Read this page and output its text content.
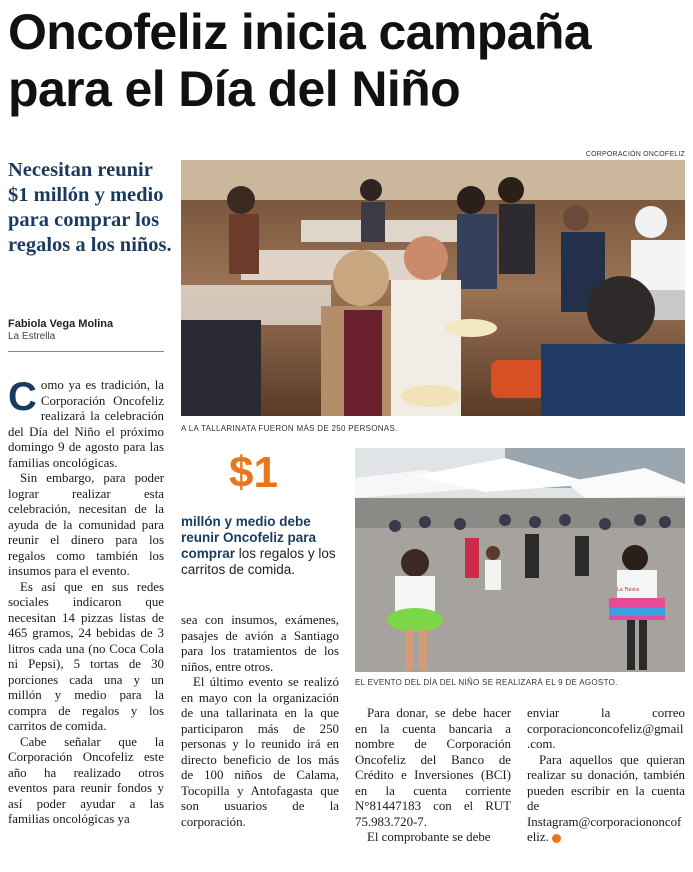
Oncofeliz inicia campaña para el Día del Niño
Necesitan reunir $1 millón y medio para comprar los regalos a los niños.
Fabiola Vega Molina
La Estrella
CORPORACIÓN ONCOFELIZ
A LA TALLARINATA FUERON MÁS DE 250 PERSONAS.
$1
millón y medio debe reunir Oncofeliz para comprar los regalos y los carritos de comida.
La Fiesta
EL EVENTO DEL DÍA DEL NIÑO SE REALIZARÁ EL 9 DE AGOSTO.

Como ya es tradición, la Corporación Oncofeliz realizará la celebración del Día del Niño el próximo domingo 9 de agosto para las familias oncológicas.

Sin embargo, para poder lograr realizar esta celebración, necesitan de la ayuda de la comunidad para reunir el dinero para los regalos como también los insumos para el evento.

Es así que en sus redes sociales indicaron que necesitan 14 pizzas listas de 465 gramos, 24 bebidas de 3 litros cada una (no Coca Cola ni Pepsi), 5 tortas de 30 porciones cada una y un millón y medio para la compra de regalos y los carritos de comida.

Cabe señalar que la Corporación Oncofeliz este año ha realizado otros eventos para reunir fondos y así poder ayudar a las familias oncológicas ya

sea con insumos, exámenes, pasajes de avión a Santiago para los tratamientos de los niños, entre otros.

El último evento se realizó en mayo con la organización de una tallarinata en la que participaron más de 250 personas y lo reunido irá en directo beneficio de los más de 100 niños de Calama, Tocopilla y Antofagasta que son usuarios de la corporación.

Para donar, se debe hacer en la cuenta bancaria a nombre de Corporación Oncofeliz del Banco de Crédito e Inversiones (BCI) en la cuenta corriente N°81447183 con el RUT 75.983.720-7.

El comprobante se debe

enviar la correo corporacionconcofeliz@gmail.com.

Para aquellos que quieran realizar su donación, también pueden escribir en la cuenta de Instagram@corporaciononcofeliz.
